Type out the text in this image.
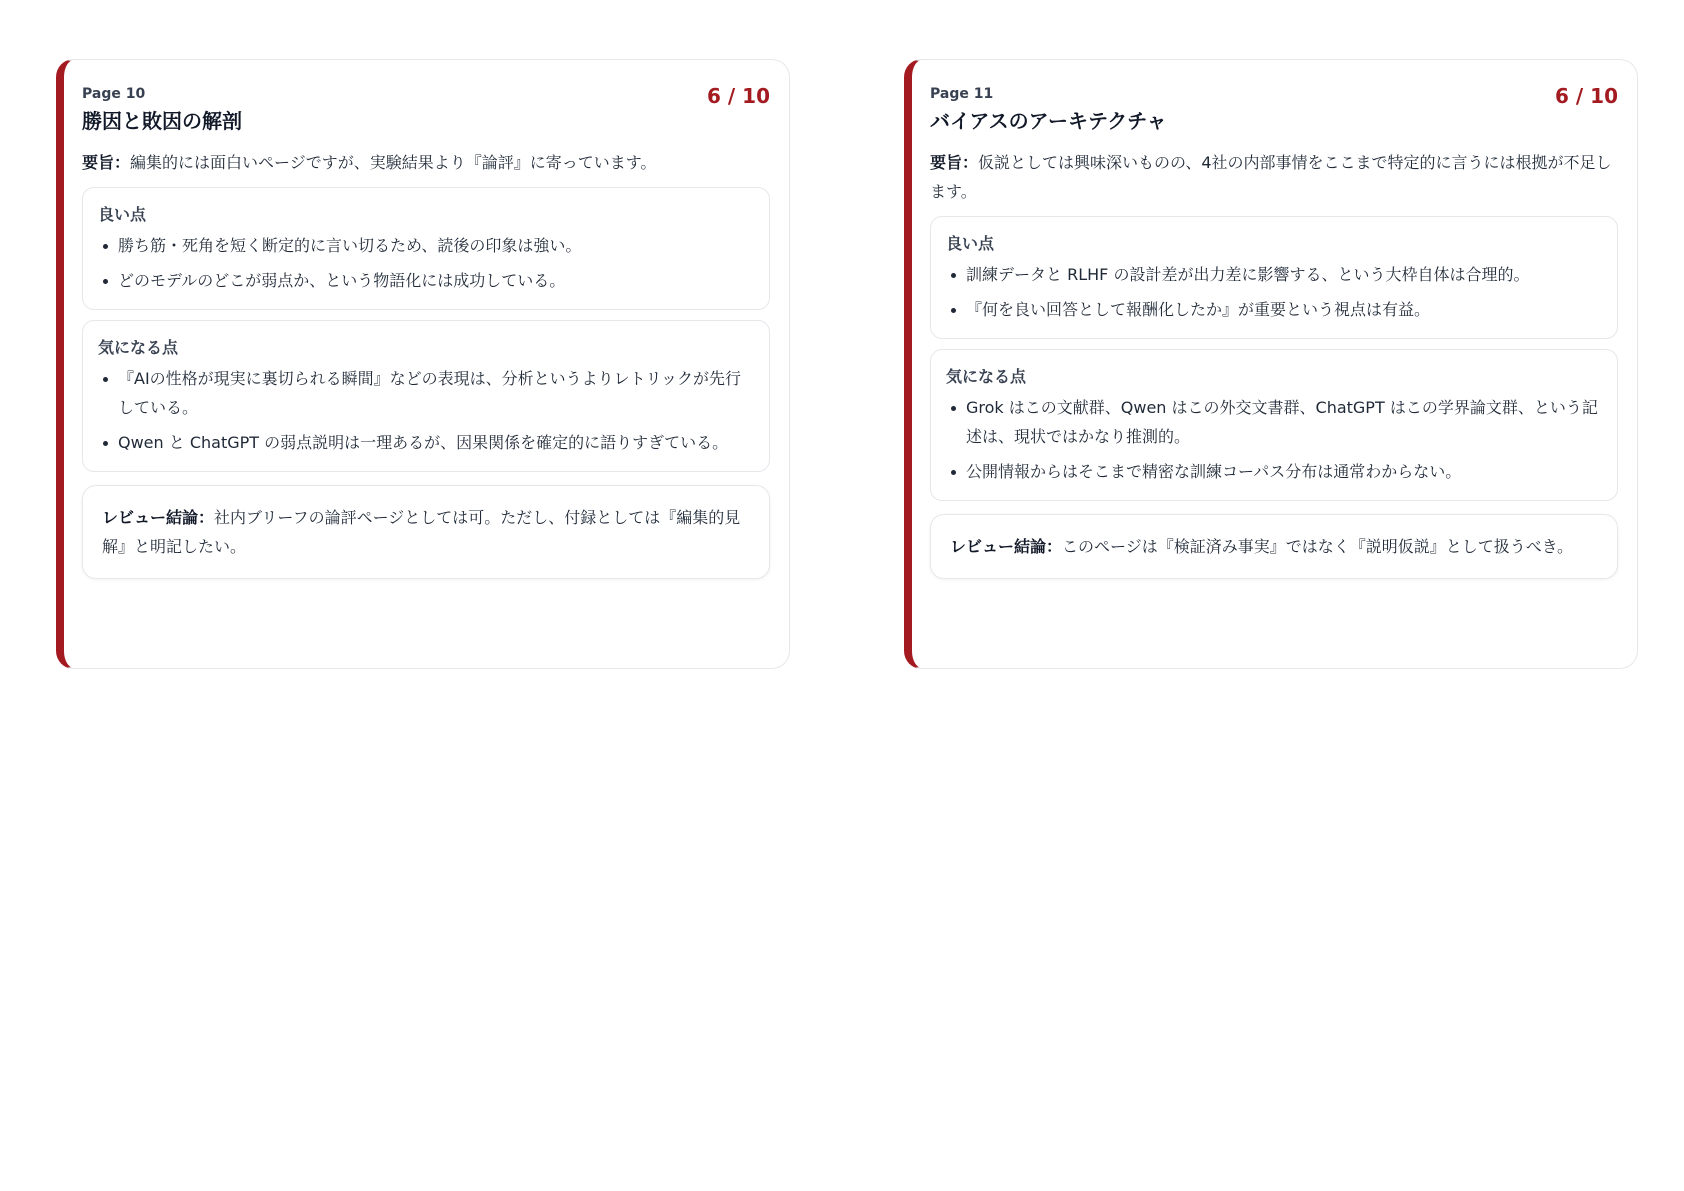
Page 10	6 / 10
勝因と敗因の解剖

要旨：編集的には面白いページですが、実験結果より『論評』に寄っています。

良い点
勝ち筋・死角を短く断定的に言い切るため、読後の印象は強い。
どのモデルのどこが弱点か、という物語化には成功している。
気になる点
『AIの性格が現実に裏切られる瞬間』などの表現は、分析というよりレトリックが先行している。
Qwen と ChatGPT の弱点説明は一理あるが、因果関係を確定的に語りすぎている。
レビュー結論：社内ブリーフの論評ページとしては可。ただし、付録としては『編集的見解』と明記したい。
Page 11	6 / 10
バイアスのアーキテクチャ

要旨：仮説としては興味深いものの、4社の内部事情をここまで特定的に言うには根拠が不足します。

良い点
訓練データと RLHF の設計差が出力差に影響する、という大枠自体は合理的。
『何を良い回答として報酬化したか』が重要という視点は有益。
気になる点
Grok はこの文献群、Qwen はこの外交文書群、ChatGPT はこの学界論文群、という記述は、現状ではかなり推測的。
公開情報からはそこまで精密な訓練コーパス分布は通常わからない。
レビュー結論：このページは『検証済み事実』ではなく『説明仮説』として扱うべき。
